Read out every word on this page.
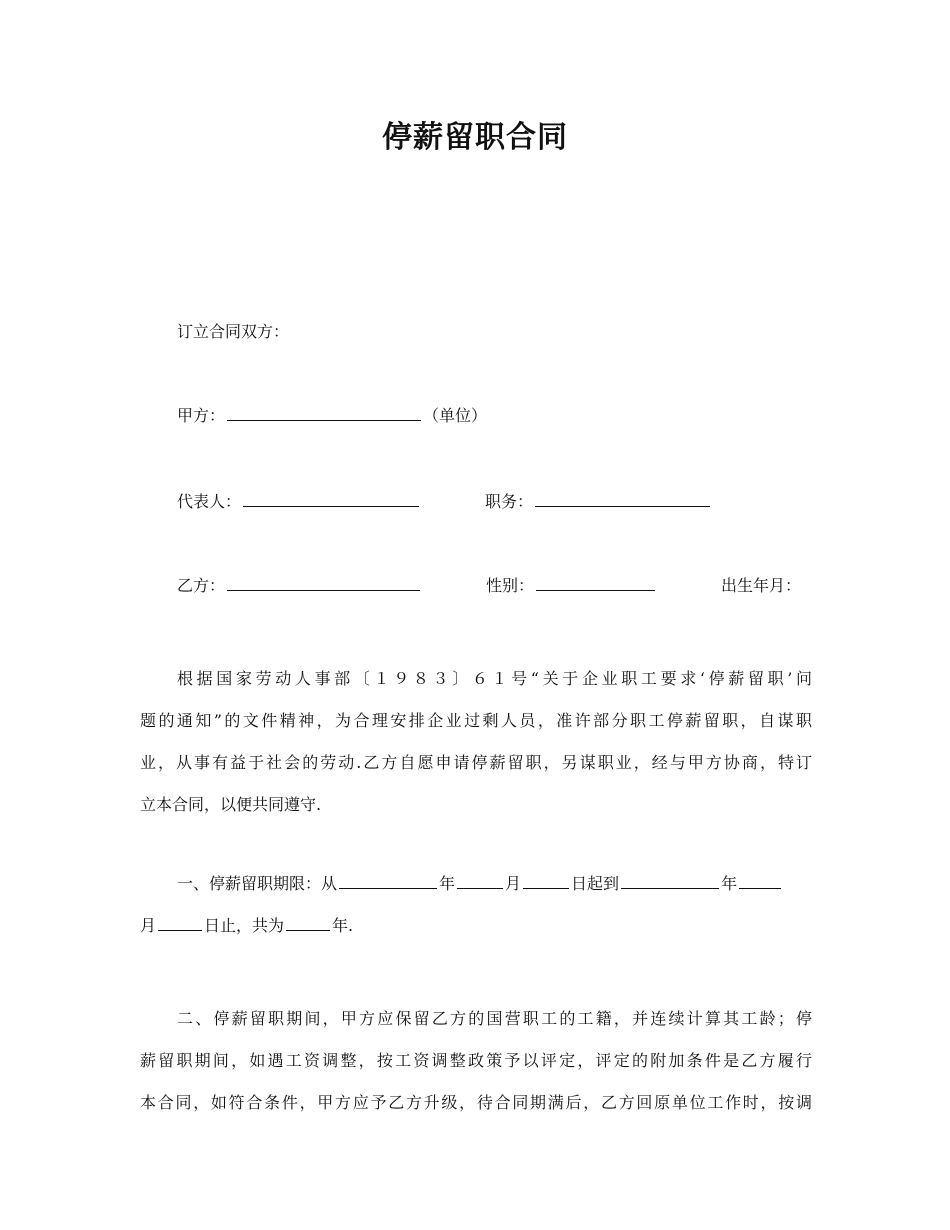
停薪留职合同
订立合同双方：
甲方：	（单位）
代表人：	职务：
乙方：	性别：	出生年月：
根据国家劳动人事部〔１９８３〕６１号“关于企业职工要求‘停薪留职’问
题的通知”的文件精神，为合理安排企业过剩人员，准许部分职工停薪留职，自谋职
业，从事有益于社会的劳动.乙方自愿申请停薪留职，另谋职业，经与甲方协商，特订
立本合同，以便共同遵守.
一、停薪留职期限：从	年	月	日起到	年
月	日止，共为	年.
二、停薪留职期间，甲方应保留乙方的国营职工的工籍，并连续计算其工龄；停
薪留职期间，如遇工资调整，按工资调整政策予以评定，评定的附加条件是乙方履行
本合同，如符合条件，甲方应予乙方升级，待合同期满后，乙方回原单位工作时，按调
